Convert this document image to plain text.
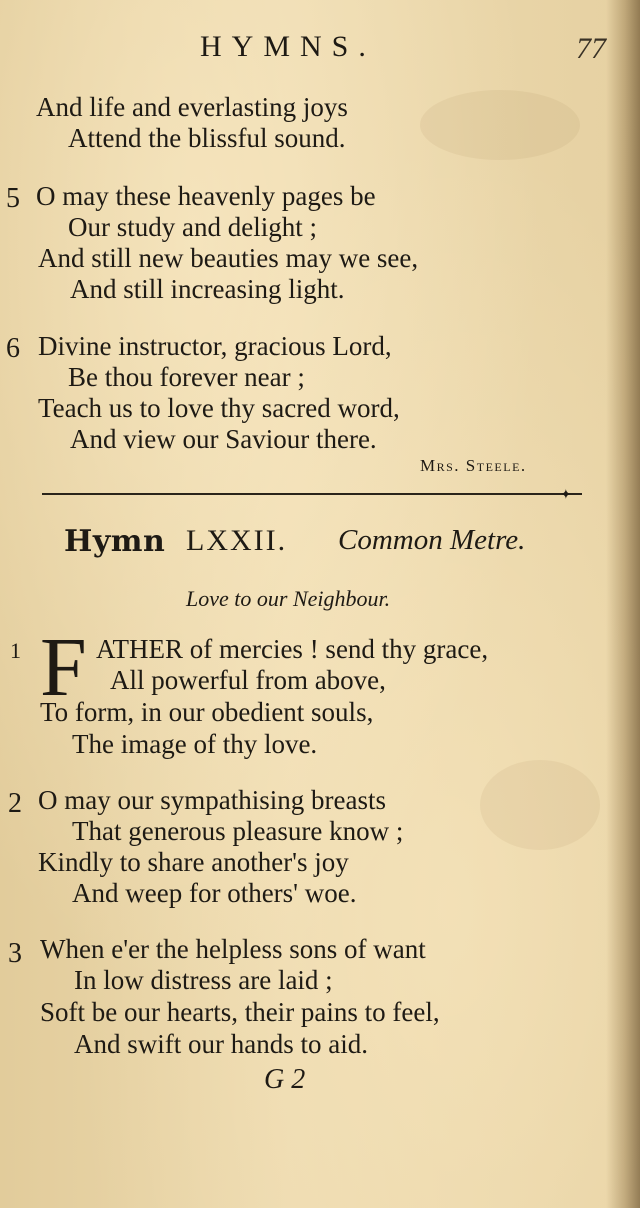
HYMNS.	77
And life and everlasting joys
Attend the blissful sound.
5 O may these heavenly pages be
Our study and delight ;
And still new beauties may we see,
And still increasing light.
6 Divine instructor, gracious Lord,
Be thou forever near ;
Teach us to love thy sacred word,
And view our Saviour there.
Mrs. Steele.
✦
Hymn LXXII. Common Metre.
Love to our Neighbour.
1 F ATHER of mercies ! send thy grace,
All powerful from above,
To form, in our obedient souls,
The image of thy love.
2 O may our sympathising breasts
That generous pleasure know ;
Kindly to share another's joy
And weep for others' woe.
3 When e'er the helpless sons of want
In low distress are laid ;
Soft be our hearts, their pains to feel,
And swift our hands to aid.
G 2
